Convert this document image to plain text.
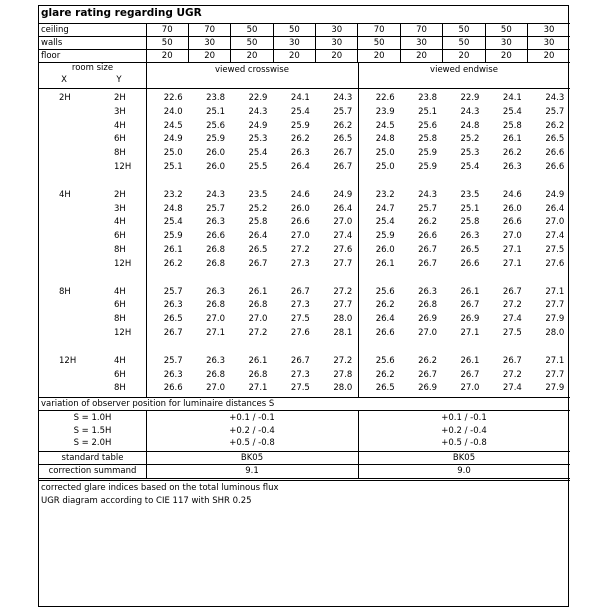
glare rating regarding UGR
ceiling	70	70	50	50	30	70	70	50	50	30
walls	50	30	50	30	30	50	30	50	30	30
floor	20	20	20	20	20	20	20	20	20	20
room size
X	Y
viewed crosswise	viewed endwise
2H	2H	22.6	23.8	22.9	24.1	24.3	22.6	23.8	22.9	24.1	24.3
3H	24.0	25.1	24.3	25.4	25.7	23.9	25.1	24.3	25.4	25.7
4H	24.5	25.6	24.9	25.9	26.2	24.5	25.6	24.8	25.8	26.2
6H	24.9	25.9	25.3	26.2	26.5	24.8	25.8	25.2	26.1	26.5
8H	25.0	26.0	25.4	26.3	26.7	25.0	25.9	25.3	26.2	26.6
12H	25.1	26.0	25.5	26.4	26.7	25.0	25.9	25.4	26.3	26.6
4H	2H	23.2	24.3	23.5	24.6	24.9	23.2	24.3	23.5	24.6	24.9
3H	24.8	25.7	25.2	26.0	26.4	24.7	25.7	25.1	26.0	26.4
4H	25.4	26.3	25.8	26.6	27.0	25.4	26.2	25.8	26.6	27.0
6H	25.9	26.6	26.4	27.0	27.4	25.9	26.6	26.3	27.0	27.4
8H	26.1	26.8	26.5	27.2	27.6	26.0	26.7	26.5	27.1	27.5
12H	26.2	26.8	26.7	27.3	27.7	26.1	26.7	26.6	27.1	27.6
8H	4H	25.7	26.3	26.1	26.7	27.2	25.6	26.3	26.1	26.7	27.1
6H	26.3	26.8	26.8	27.3	27.7	26.2	26.8	26.7	27.2	27.7
8H	26.5	27.0	27.0	27.5	28.0	26.4	26.9	26.9	27.4	27.9
12H	26.7	27.1	27.2	27.6	28.1	26.6	27.0	27.1	27.5	28.0
12H	4H	25.7	26.3	26.1	26.7	27.2	25.6	26.2	26.1	26.7	27.1
6H	26.3	26.8	26.8	27.3	27.8	26.2	26.7	26.7	27.2	27.7
8H	26.6	27.0	27.1	27.5	28.0	26.5	26.9	27.0	27.4	27.9
variation of observer position for luminaire distances S
S = 1.0H	+0.1 / -0.1	+0.1 / -0.1
S = 1.5H	+0.2 / -0.4	+0.2 / -0.4
S = 2.0H	+0.5 / -0.8	+0.5 / -0.8
standard table	BK05	BK05
correction summand	9.1	9.0
corrected glare indices based on the total luminous flux
UGR diagram according to CIE 117 with SHR 0.25
